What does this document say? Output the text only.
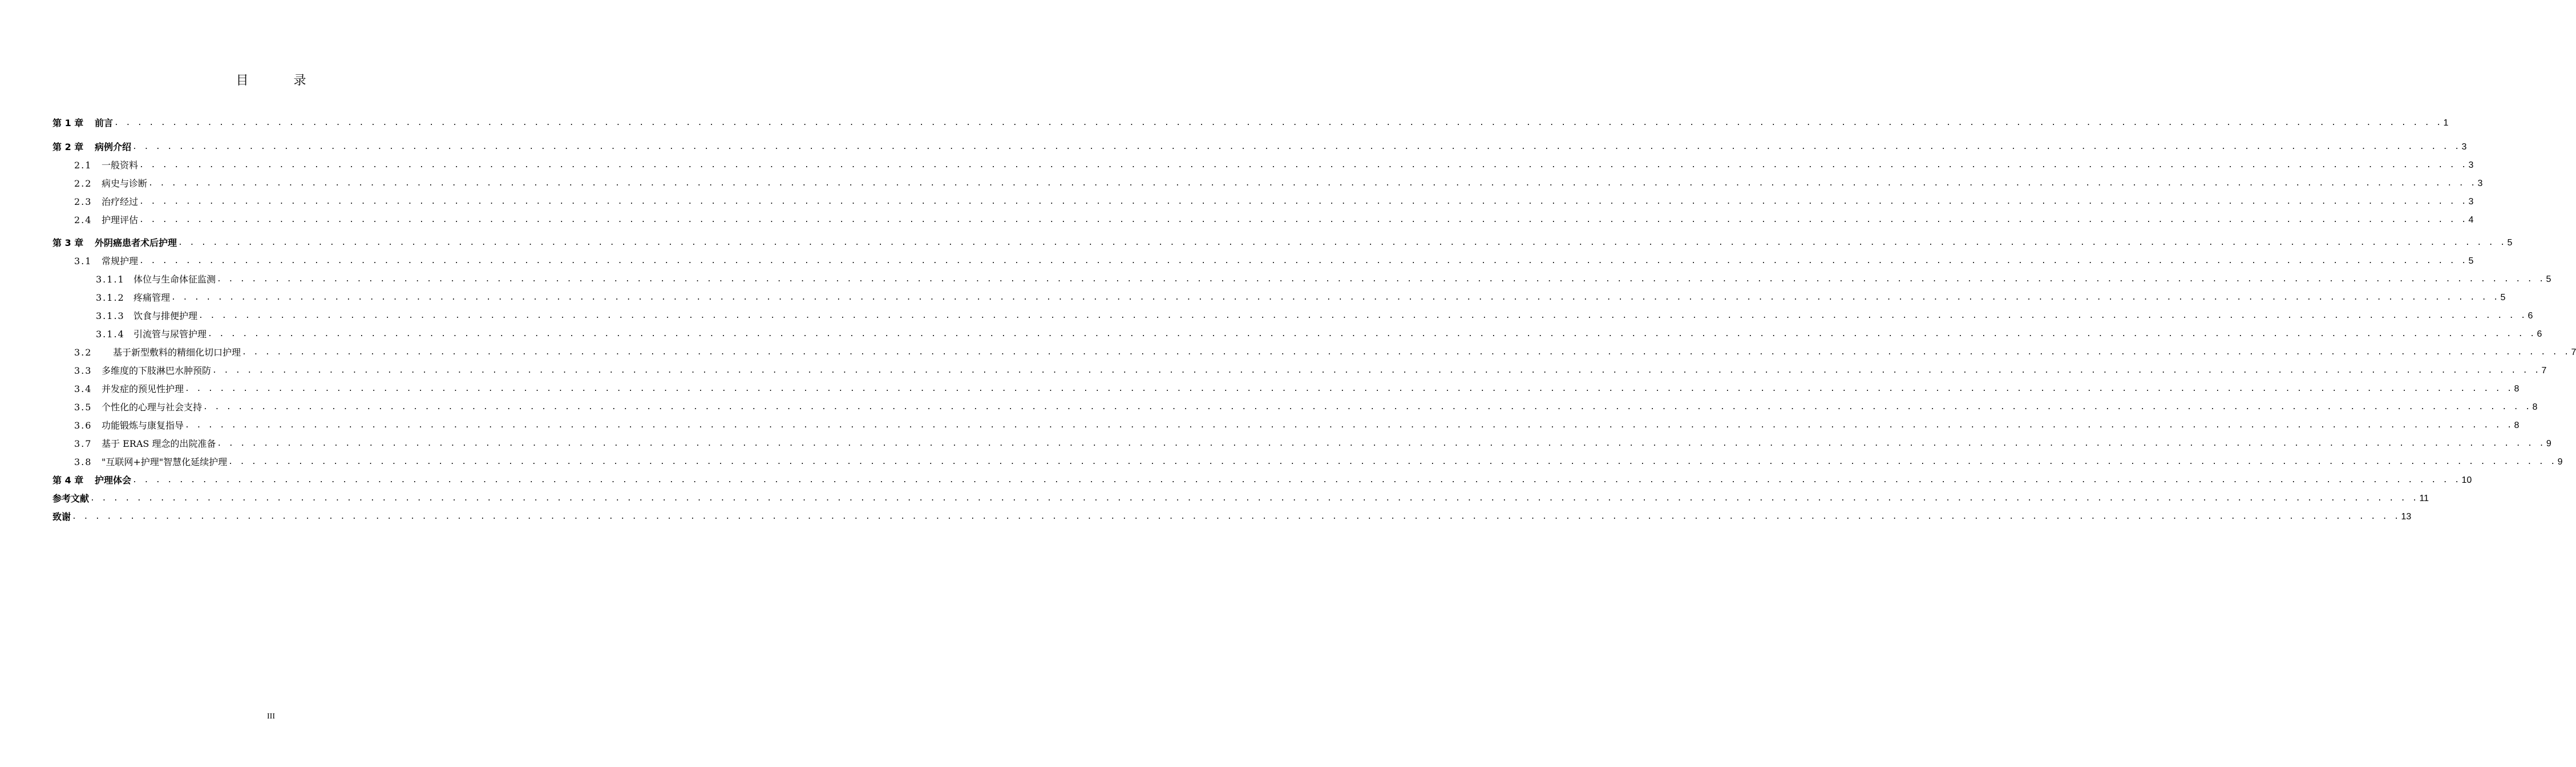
目 录
第 1 章	前言 . . . . . . . . . . . . . . . . . . . . . . . . . . . . . . . . . . . . . . . . . . . . . . . . . . . . . . . . . . . . . . . . . . . . . . . . . . . . . . . . . . . . . . . . . . . . . . . . . . . . . . . . . . . . . . . . . . . . . . . . . . . . . . . . . . . . . . . . . . . . . . . . . . . . . . . . . . . . . . . . . . . . . . . . . . . . . . . . . . . . . . . . . . . . . . . . . . . . . . . . 1
第 2 章	病例介绍 . . . . . . . . . . . . . . . . . . . . . . . . . . . . . . . . . . . . . . . . . . . . . . . . . . . . . . . . . . . . . . . . . . . . . . . . . . . . . . . . . . . . . . . . . . . . . . . . . . . . . . . . . . . . . . . . . . . . . . . . . . . . . . . . . . . . . . . . . . . . . . . . . . . . . . . . . . . . . . . . . . . . . . . . . . . . . . . . . . . . . . . . . . . . . . . . . . . . . . . . 3
2.1	一般资料 . . . . . . . . . . . . . . . . . . . . . . . . . . . . . . . . . . . . . . . . . . . . . . . . . . . . . . . . . . . . . . . . . . . . . . . . . . . . . . . . . . . . . . . . . . . . . . . . . . . . . . . . . . . . . . . . . . . . . . . . . . . . . . . . . . . . . . . . . . . . . . . . . . . . . . . . . . . . . . . . . . . . . . . . . . . . . . . . . . . . . . . . . . . . . . . . . . . . . . . . 3
2.2	病史与诊断 . . . . . . . . . . . . . . . . . . . . . . . . . . . . . . . . . . . . . . . . . . . . . . . . . . . . . . . . . . . . . . . . . . . . . . . . . . . . . . . . . . . . . . . . . . . . . . . . . . . . . . . . . . . . . . . . . . . . . . . . . . . . . . . . . . . . . . . . . . . . . . . . . . . . . . . . . . . . . . . . . . . . . . . . . . . . . . . . . . . . . . . . . . . . . . . . . . . . . . . . 3
2.3	治疗经过 . . . . . . . . . . . . . . . . . . . . . . . . . . . . . . . . . . . . . . . . . . . . . . . . . . . . . . . . . . . . . . . . . . . . . . . . . . . . . . . . . . . . . . . . . . . . . . . . . . . . . . . . . . . . . . . . . . . . . . . . . . . . . . . . . . . . . . . . . . . . . . . . . . . . . . . . . . . . . . . . . . . . . . . . . . . . . . . . . . . . . . . . . . . . . . . . . . . . . . . . 3
2.4	护理评估 . . . . . . . . . . . . . . . . . . . . . . . . . . . . . . . . . . . . . . . . . . . . . . . . . . . . . . . . . . . . . . . . . . . . . . . . . . . . . . . . . . . . . . . . . . . . . . . . . . . . . . . . . . . . . . . . . . . . . . . . . . . . . . . . . . . . . . . . . . . . . . . . . . . . . . . . . . . . . . . . . . . . . . . . . . . . . . . . . . . . . . . . . . . . . . . . . . . . . . . . 4
第 3 章	外阴癌患者术后护理 . . . . . . . . . . . . . . . . . . . . . . . . . . . . . . . . . . . . . . . . . . . . . . . . . . . . . . . . . . . . . . . . . . . . . . . . . . . . . . . . . . . . . . . . . . . . . . . . . . . . . . . . . . . . . . . . . . . . . . . . . . . . . . . . . . . . . . . . . . . . . . . . . . . . . . . . . . . . . . . . . . . . . . . . . . . . . . . . . . . . . . . . . . . . . . . . . . . . . . . . 5
3.1	常规护理 . . . . . . . . . . . . . . . . . . . . . . . . . . . . . . . . . . . . . . . . . . . . . . . . . . . . . . . . . . . . . . . . . . . . . . . . . . . . . . . . . . . . . . . . . . . . . . . . . . . . . . . . . . . . . . . . . . . . . . . . . . . . . . . . . . . . . . . . . . . . . . . . . . . . . . . . . . . . . . . . . . . . . . . . . . . . . . . . . . . . . . . . . . . . . . . . . . . . . . . . 5
3.1.1 体位与生命体征监测 . . . . . . . . . . . . . . . . . . . . . . . . . . . . . . . . . . . . . . . . . . . . . . . . . . . . . . . . . . . . . . . . . . . . . . . . . . . . . . . . . . . . . . . . . . . . . . . . . . . . . . . . . . . . . . . . . . . . . . . . . . . . . . . . . . . . . . . . . . . . . . . . . . . . . . . . . . . . . . . . . . . . . . . . . . . . . . . . . . . . . . . . . . . . . . . . . . . . . . . . 5
3.1.2 疼痛管理 . . . . . . . . . . . . . . . . . . . . . . . . . . . . . . . . . . . . . . . . . . . . . . . . . . . . . . . . . . . . . . . . . . . . . . . . . . . . . . . . . . . . . . . . . . . . . . . . . . . . . . . . . . . . . . . . . . . . . . . . . . . . . . . . . . . . . . . . . . . . . . . . . . . . . . . . . . . . . . . . . . . . . . . . . . . . . . . . . . . . . . . . . . . . . . . . . . . . . . . . 5
3.1.3 饮食与排便护理 . . . . . . . . . . . . . . . . . . . . . . . . . . . . . . . . . . . . . . . . . . . . . . . . . . . . . . . . . . . . . . . . . . . . . . . . . . . . . . . . . . . . . . . . . . . . . . . . . . . . . . . . . . . . . . . . . . . . . . . . . . . . . . . . . . . . . . . . . . . . . . . . . . . . . . . . . . . . . . . . . . . . . . . . . . . . . . . . . . . . . . . . . . . . . . . . . . . . . . . . 6
3.1.4 引流管与尿管护理 . . . . . . . . . . . . . . . . . . . . . . . . . . . . . . . . . . . . . . . . . . . . . . . . . . . . . . . . . . . . . . . . . . . . . . . . . . . . . . . . . . . . . . . . . . . . . . . . . . . . . . . . . . . . . . . . . . . . . . . . . . . . . . . . . . . . . . . . . . . . . . . . . . . . . . . . . . . . . . . . . . . . . . . . . . . . . . . . . . . . . . . . . . . . . . . . . . . . . . . . 6
3.2	基于新型敷料的精细化切口护理 . . . . . . . . . . . . . . . . . . . . . . . . . . . . . . . . . . . . . . . . . . . . . . . . . . . . . . . . . . . . . . . . . . . . . . . . . . . . . . . . . . . . . . . . . . . . . . . . . . . . . . . . . . . . . . . . . . . . . . . . . . . . . . . . . . . . . . . . . . . . . . . . . . . . . . . . . . . . . . . . . . . . . . . . . . . . . . . . . . . . . . . . . . . . . . . . . . . . . . . . 7
3.3	多维度的下肢淋巴水肿预防 . . . . . . . . . . . . . . . . . . . . . . . . . . . . . . . . . . . . . . . . . . . . . . . . . . . . . . . . . . . . . . . . . . . . . . . . . . . . . . . . . . . . . . . . . . . . . . . . . . . . . . . . . . . . . . . . . . . . . . . . . . . . . . . . . . . . . . . . . . . . . . . . . . . . . . . . . . . . . . . . . . . . . . . . . . . . . . . . . . . . . . . . . . . . . . . . . . . . . . . . 7
3.4	并发症的预见性护理 . . . . . . . . . . . . . . . . . . . . . . . . . . . . . . . . . . . . . . . . . . . . . . . . . . . . . . . . . . . . . . . . . . . . . . . . . . . . . . . . . . . . . . . . . . . . . . . . . . . . . . . . . . . . . . . . . . . . . . . . . . . . . . . . . . . . . . . . . . . . . . . . . . . . . . . . . . . . . . . . . . . . . . . . . . . . . . . . . . . . . . . . . . . . . . . . . . . . . . . . 8
3.5	个性化的心理与社会支持 . . . . . . . . . . . . . . . . . . . . . . . . . . . . . . . . . . . . . . . . . . . . . . . . . . . . . . . . . . . . . . . . . . . . . . . . . . . . . . . . . . . . . . . . . . . . . . . . . . . . . . . . . . . . . . . . . . . . . . . . . . . . . . . . . . . . . . . . . . . . . . . . . . . . . . . . . . . . . . . . . . . . . . . . . . . . . . . . . . . . . . . . . . . . . . . . . . . . . . . . 8
3.6	功能锻炼与康复指导 . . . . . . . . . . . . . . . . . . . . . . . . . . . . . . . . . . . . . . . . . . . . . . . . . . . . . . . . . . . . . . . . . . . . . . . . . . . . . . . . . . . . . . . . . . . . . . . . . . . . . . . . . . . . . . . . . . . . . . . . . . . . . . . . . . . . . . . . . . . . . . . . . . . . . . . . . . . . . . . . . . . . . . . . . . . . . . . . . . . . . . . . . . . . . . . . . . . . . . . . 8
3.7	基于 ERAS 理念的出院准备 . . . . . . . . . . . . . . . . . . . . . . . . . . . . . . . . . . . . . . . . . . . . . . . . . . . . . . . . . . . . . . . . . . . . . . . . . . . . . . . . . . . . . . . . . . . . . . . . . . . . . . . . . . . . . . . . . . . . . . . . . . . . . . . . . . . . . . . . . . . . . . . . . . . . . . . . . . . . . . . . . . . . . . . . . . . . . . . . . . . . . . . . . . . . . . . . . . . . . . . . 9
3.8	"互联网+护理"智慧化延续护理 . . . . . . . . . . . . . . . . . . . . . . . . . . . . . . . . . . . . . . . . . . . . . . . . . . . . . . . . . . . . . . . . . . . . . . . . . . . . . . . . . . . . . . . . . . . . . . . . . . . . . . . . . . . . . . . . . . . . . . . . . . . . . . . . . . . . . . . . . . . . . . . . . . . . . . . . . . . . . . . . . . . . . . . . . . . . . . . . . . . . . . . . . . . . . . . . . . . . . . . . 9
第 4 章	护理体会 . . . . . . . . . . . . . . . . . . . . . . . . . . . . . . . . . . . . . . . . . . . . . . . . . . . . . . . . . . . . . . . . . . . . . . . . . . . . . . . . . . . . . . . . . . . . . . . . . . . . . . . . . . . . . . . . . . . . . . . . . . . . . . . . . . . . . . . . . . . . . . . . . . . . . . . . . . . . . . . . . . . . . . . . . . . . . . . . . . . . . . . . . . . . . . . . . . . . . . . . 10
参考文献 . . . . . . . . . . . . . . . . . . . . . . . . . . . . . . . . . . . . . . . . . . . . . . . . . . . . . . . . . . . . . . . . . . . . . . . . . . . . . . . . . . . . . . . . . . . . . . . . . . . . . . . . . . . . . . . . . . . . . . . . . . . . . . . . . . . . . . . . . . . . . . . . . . . . . . . . . . . . . . . . . . . . . . . . . . . . . . . . . . . . . . . . . . . . . . . . . . . . . . . . 11
致谢 . . . . . . . . . . . . . . . . . . . . . . . . . . . . . . . . . . . . . . . . . . . . . . . . . . . . . . . . . . . . . . . . . . . . . . . . . . . . . . . . . . . . . . . . . . . . . . . . . . . . . . . . . . . . . . . . . . . . . . . . . . . . . . . . . . . . . . . . . . . . . . . . . . . . . . . . . . . . . . . . . . . . . . . . . . . . . . . . . . . . . . . . . . . . . . . . . . . . . . . . 13
III
